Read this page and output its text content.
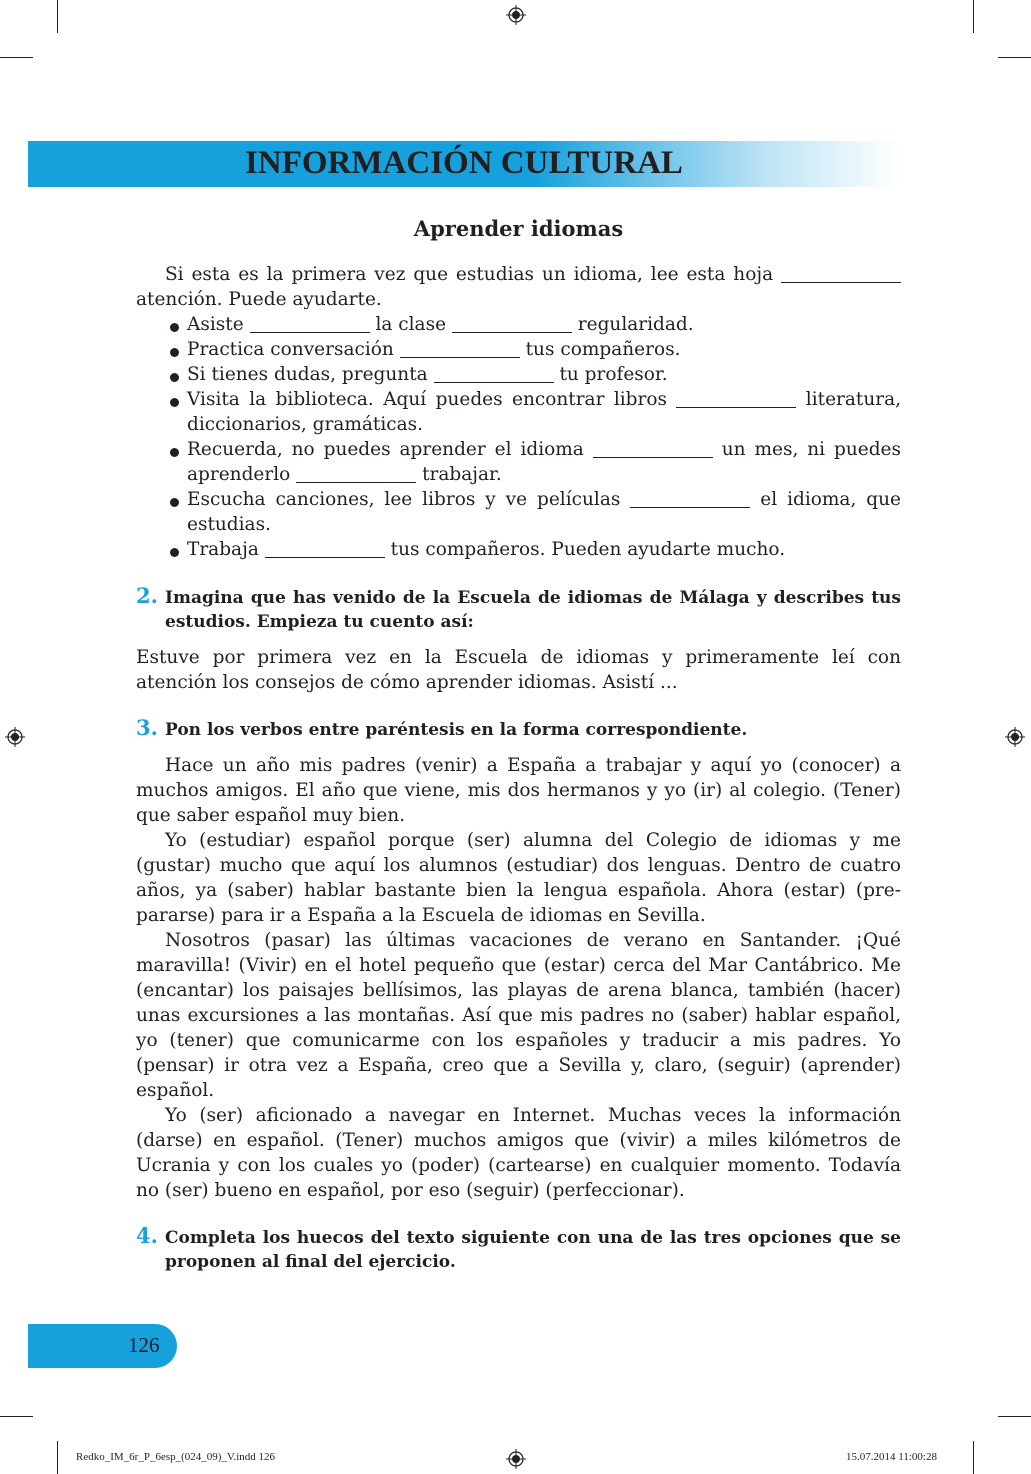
INFORMACIÓN CULTURAL
Aprender idiomas

Si esta es la primera vez que estudias un idioma, lee esta hoja  atención. Puede ayudarte.

Asiste	la clase	regularidad.
Practica conversación	tus compañeros.
Si tienes dudas, pregunta	tu profesor.
Visita la biblioteca. Aquí puedes encontrar libros	literatura, diccionarios, gramáticas.
Recuerda, no puedes aprender el idioma	un mes, ni puedes aprenderlo	trabajar.
Escucha canciones, lee libros y ve películas	el idioma, que estudias.
Trabaja	tus compañeros. Pueden ayudarte mucho.
2. Imagina que has venido de la Escuela de idiomas de Málaga y describes tus estudios. Empieza tu cuento así:

Estuve por primera vez en la Escuela de idiomas y primeramente leí con atención los consejos de cómo aprender idiomas. Asistí ...

3. Pon los verbos entre paréntesis en la forma correspondiente.

Hace un año mis padres (venir) a España a trabajar y aquí yo (conocer) a muchos amigos. El año que viene, mis dos hermanos y yo (ir) al colegio. (Tener) que saber español muy bien.

Yo (estudiar) español porque (ser) alumna del Colegio de idiomas y me (gustar) mucho que aquí los alumnos (estudiar) dos lenguas. Dentro de cuatro años, ya (saber) hablar bastante bien la lengua española. Ahora (estar) (prepararse) para ir a España a la Escuela de idiomas en Sevilla.

Nosotros (pasar) las últimas vacaciones de verano en Santander. ¡Qué maravilla! (Vivir) en el hotel pequeño que (estar) cerca del Mar Cantábrico. Me (encantar) los paisajes bellísimos, las playas de arena blanca, también (hacer) unas excursiones a las montañas. Así que mis padres no (saber) hablar español, yo (tener) que comunicarme con los españoles y traducir a mis padres. Yo (pensar) ir otra vez a España, creo que a Sevilla y, claro, (seguir) (aprender) español.

Yo (ser) aficionado a navegar en Internet. Muchas veces la información (darse) en español. (Tener) muchos amigos que (vivir) a miles kilómetros de Ucrania y con los cuales yo (poder) (cartearse) en cualquier momento. Todavía no (ser) bueno en español, por eso (seguir) (perfeccionar).

4. Completa los huecos del texto siguiente con una de las tres opciones que se proponen al final del ejercicio.
126
Redko_IM_6r_P_6esp_(024_09)_V.indd 126	15.07.2014 11:00:28
